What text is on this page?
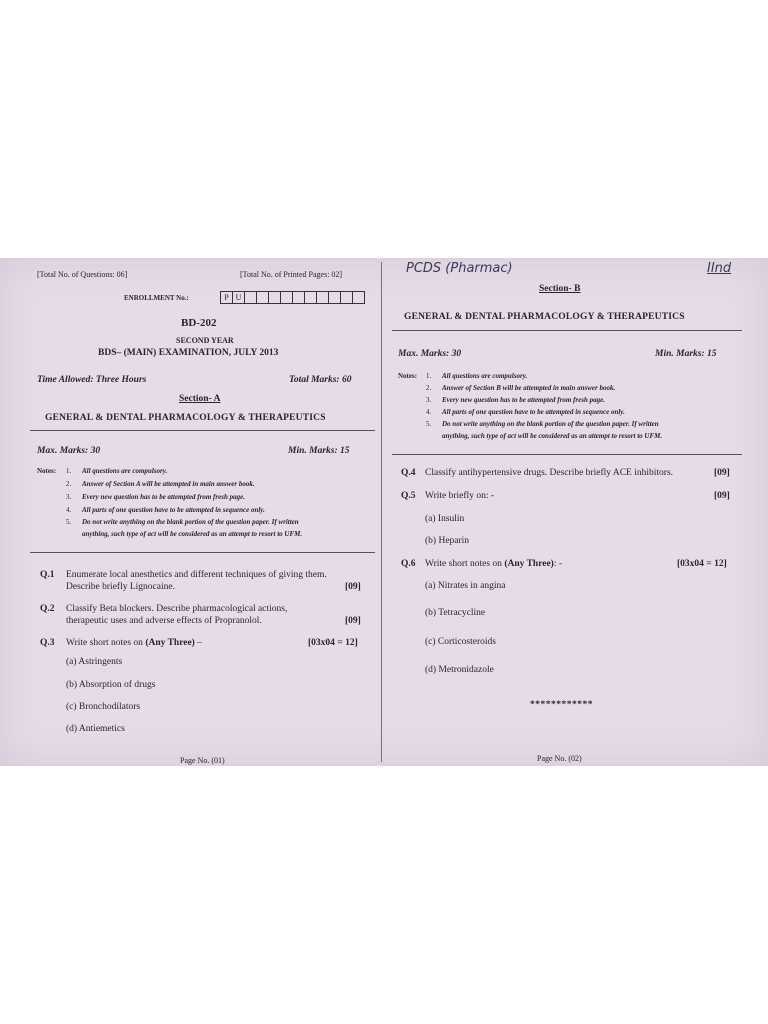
[Total No. of Questions: 06]	[Total No. of Printed Pages: 02]
ENROLLMENT No.:	P U
BD-202
SECOND YEAR
BDS– (MAIN) EXAMINATION, JULY 2013
Time Allowed: Three Hours	Total Marks: 60
Section- A
GENERAL & DENTAL PHARMACOLOGY & THERAPEUTICS
Max. Marks: 30	Min. Marks: 15
Notes: 1. All questions are compulsory.
2. Answer of Section A will be attempted in main answer book.
3. Every new question has to be attempted from fresh page.
4. All parts of one question have to be attempted in sequence only.
5. Do not write anything on the blank portion of the question paper. If written
anything, such type of act will be considered as an attempt to resort to UFM.
Q.1 Enumerate local anesthetics and different techniques of giving them.
Describe briefly Lignocaine.	[09]
Q.2 Classify Beta blockers. Describe pharmacological actions,
therapeutic uses and adverse effects of Propranolol.	[09]
Q.3 Write short notes on (Any Three) –	[03x04 = 12]
(a) Astringents
(b) Absorption of drugs
(c) Bronchodilators
(d) Antiemetics
Page No. (01)
PCDS (Pharmac)	IInd
Section- B
GENERAL & DENTAL PHARMACOLOGY & THERAPEUTICS
Max. Marks: 30	Min. Marks: 15
Notes: 1. All questions are compulsory.
2. Answer of Section B will be attempted in main answer book.
3. Every new question has to be attempted from fresh page.
4. All parts of one question have to be attempted in sequence only.
5. Do not write anything on the blank portion of the question paper. If written
anything, such type of act will be considered as an attempt to resort to UFM.
Q.4 Classify antihypertensive drugs. Describe briefly ACE inhibitors.	[09]
Q.5 Write briefly on: -	[09]
(a) Insulin
(b) Heparin
Q.6 Write short notes on (Any Three): -	[03x04 = 12]
(a) Nitrates in angina
(b) Tetracycline
(c) Corticosteroids
(d) Metronidazole
************
Page No. (02)
